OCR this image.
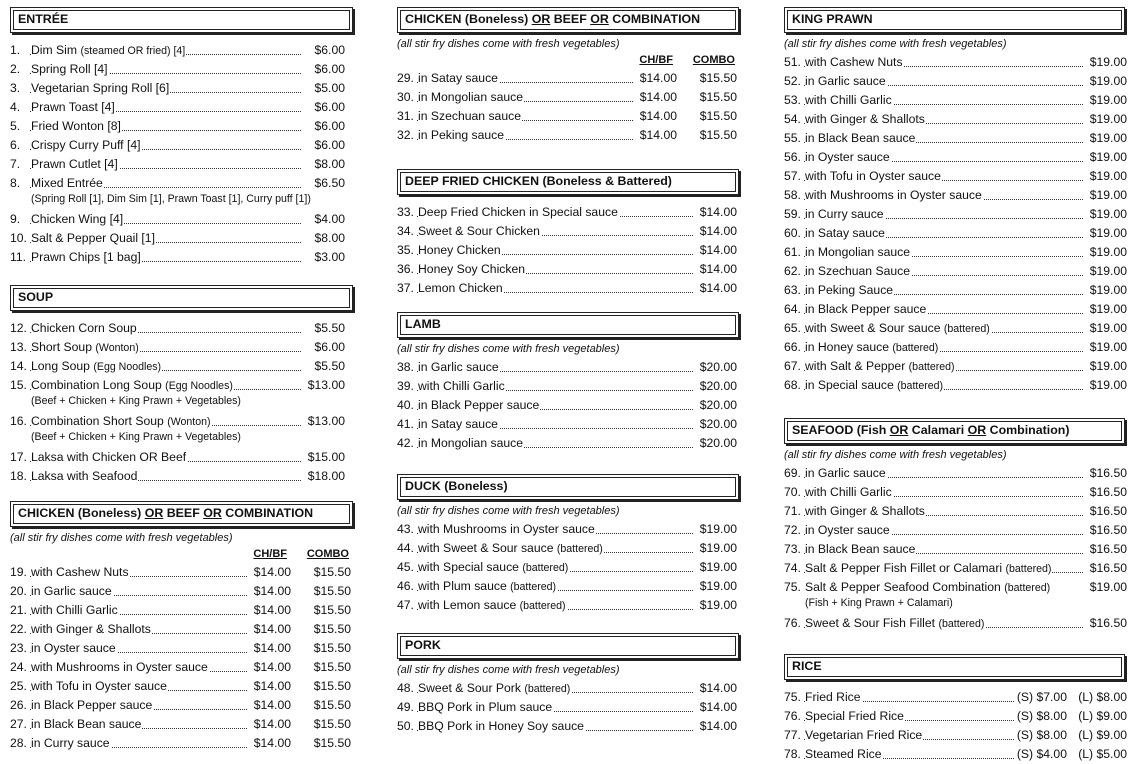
ENTRÉE
1. Dim Sim (steamed OR fried) [4]	$6.00
2. Spring Roll [4]	$6.00
3. Vegetarian Spring Roll [6]	$5.00
4. Prawn Toast [4]	$6.00
5. Fried Wonton [8]	$6.00
6. Crispy Curry Puff [4]	$6.00
7. Prawn Cutlet [4]	$8.00
8. Mixed Entrée	$6.50
(Spring Roll [1], Dim Sim [1], Prawn Toast [1], Curry puff [1])
9. Chicken Wing [4]	$4.00
10. Salt & Pepper Quail [1]	$8.00
11. Prawn Chips [1 bag]	$3.00
SOUP
12. Chicken Corn Soup	$5.50
13. Short Soup (Wonton)	$6.00
14. Long Soup (Egg Noodles)	$5.50
15. Combination Long Soup (Egg Noodles)	$13.00
(Beef + Chicken + King Prawn + Vegetables)
16. Combination Short Soup (Wonton)	$13.00
(Beef + Chicken + King Prawn + Vegetables)
17. Laksa with Chicken OR Beef	$15.00
18. Laksa with Seafood	$18.00
CHICKEN (Boneless) OR BEEF OR COMBINATION
(all stir fry dishes come with fresh vegetables)
CH/BF COMBO
19. with Cashew Nuts	$14.00 $15.50
20. in Garlic sauce	$14.00 $15.50
21. with Chilli Garlic	$14.00 $15.50
22. with Ginger & Shallots	$14.00 $15.50
23. in Oyster sauce	$14.00 $15.50
24. with Mushrooms in Oyster sauce	$14.00 $15.50
25. with Tofu in Oyster sauce	$14.00 $15.50
26. in Black Pepper sauce	$14.00 $15.50
27. in Black Bean sauce	$14.00 $15.50
28. in Curry sauce	$14.00 $15.50
CHICKEN (Boneless) OR BEEF OR COMBINATION
(all stir fry dishes come with fresh vegetables)
CH/BF COMBO
29. in Satay sauce	$14.00 $15.50
30. in Mongolian sauce	$14.00 $15.50
31. in Szechuan sauce	$14.00 $15.50
32. in Peking sauce	$14.00 $15.50
DEEP FRIED CHICKEN (Boneless & Battered)
33. Deep Fried Chicken in Special sauce	$14.00
34. Sweet & Sour Chicken	$14.00
35. Honey Chicken	$14.00
36. Honey Soy Chicken	$14.00
37. Lemon Chicken	$14.00
LAMB
(all stir fry dishes come with fresh vegetables)
38. in Garlic sauce	$20.00
39. with Chilli Garlic	$20.00
40. in Black Pepper sauce	$20.00
41. in Satay sauce	$20.00
42. in Mongolian sauce	$20.00
DUCK (Boneless)
(all stir fry dishes come with fresh vegetables)
43. with Mushrooms in Oyster sauce	$19.00
44. with Sweet & Sour sauce (battered)	$19.00
45. with Special sauce (battered)	$19.00
46. with Plum sauce (battered)	$19.00
47. with Lemon sauce (battered)	$19.00
PORK
(all stir fry dishes come with fresh vegetables)
48. Sweet & Sour Pork (battered)	$14.00
49. BBQ Pork in Plum sauce	$14.00
50. BBQ Pork in Honey Soy sauce	$14.00
KING PRAWN
(all stir fry dishes come with fresh vegetables)
51. with Cashew Nuts	$19.00
52. in Garlic sauce	$19.00
53. with Chilli Garlic	$19.00
54. with Ginger & Shallots	$19.00
55. in Black Bean sauce	$19.00
56. in Oyster sauce	$19.00
57. with Tofu in Oyster sauce	$19.00
58. with Mushrooms in Oyster sauce	$19.00
59. in Curry sauce	$19.00
60. in Satay sauce	$19.00
61. in Mongolian sauce	$19.00
62. in Szechuan Sauce	$19.00
63. in Peking Sauce	$19.00
64. in Black Pepper sauce	$19.00
65. with Sweet & Sour sauce (battered)	$19.00
66. in Honey sauce (battered)	$19.00
67. with Salt & Pepper (battered)	$19.00
68. in Special sauce (battered)	$19.00
SEAFOOD (Fish OR Calamari OR Combination)
(all stir fry dishes come with fresh vegetables)
69. in Garlic sauce	$16.50
70. with Chilli Garlic	$16.50
71. with Ginger & Shallots	$16.50
72. in Oyster sauce	$16.50
73. in Black Bean sauce	$16.50
74. Salt & Pepper Fish Fillet or Calamari (battered)	$16.50
75. Salt & Pepper Seafood Combination (battered)	$19.00
(Fish + King Prawn + Calamari)
76. Sweet & Sour Fish Fillet (battered)	$16.50
RICE
75. Fried Rice	(S) $7.00 (L) $8.00
76. Special Fried Rice	(S) $8.00 (L) $9.00
77. Vegetarian Fried Rice	(S) $8.00 (L) $9.00
78. Steamed Rice	(S) $4.00 (L) $5.00
